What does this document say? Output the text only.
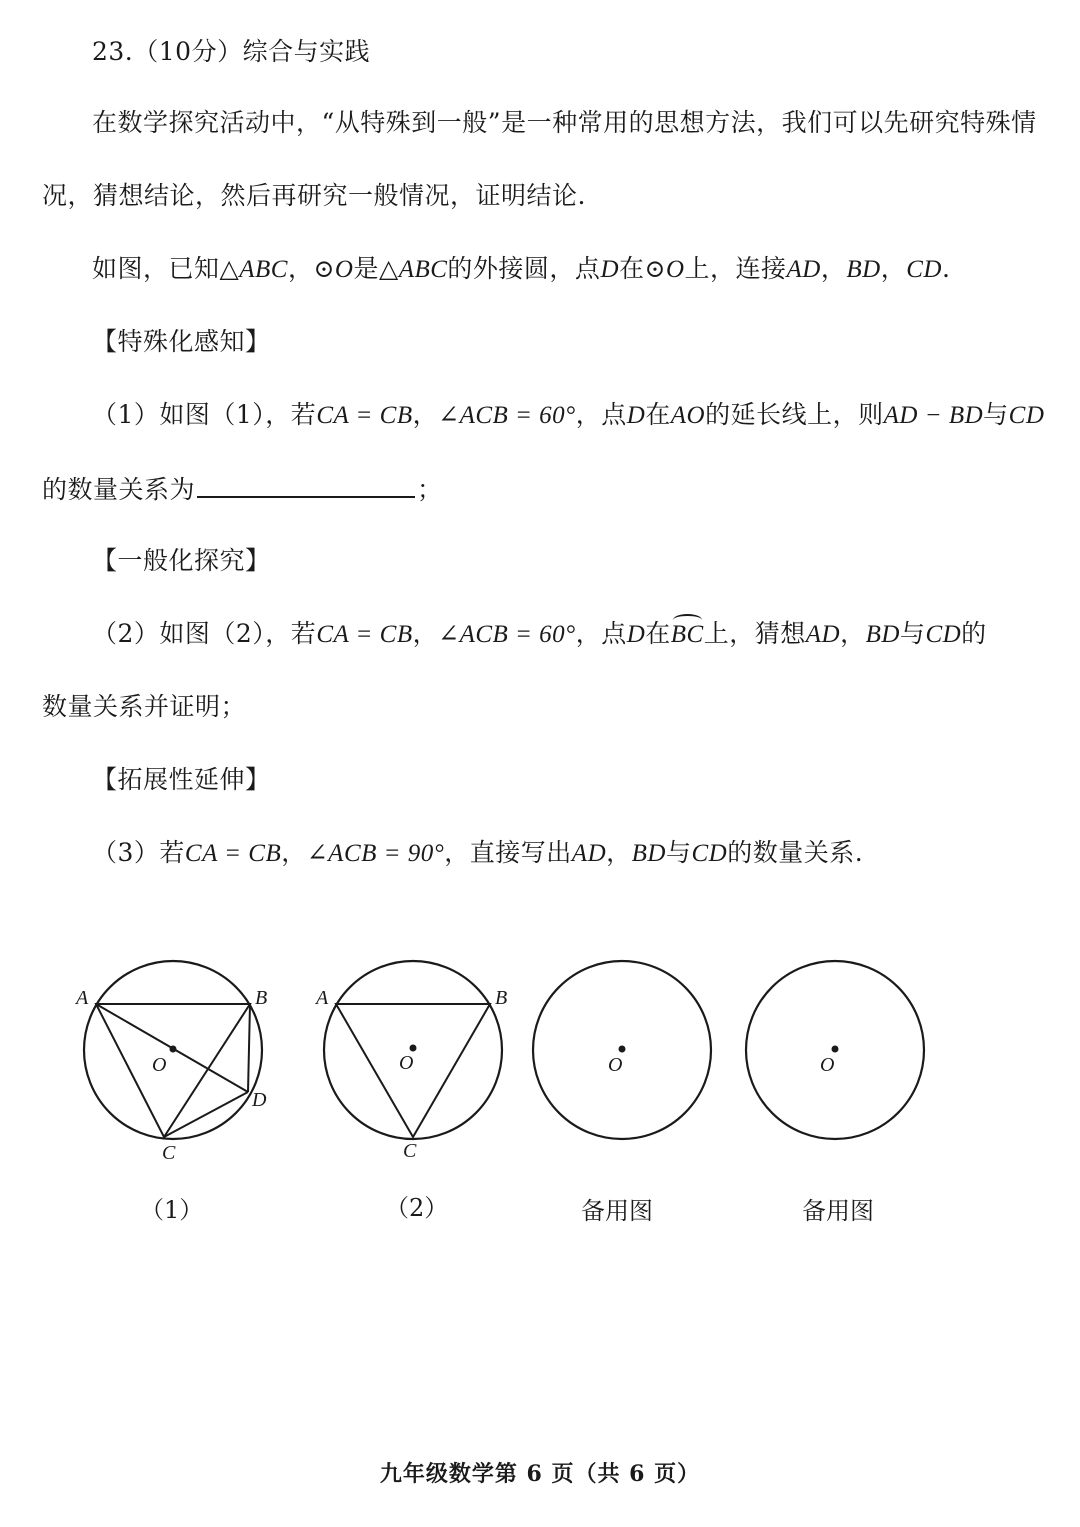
23.（10分）综合与实践
在数学探究活动中，“从特殊到一般”是一种常用的思想方法，我们可以先研究特殊情
况，猜想结论，然后再研究一般情况，证明结论.
如图，已知△ABC，⊙O是△ABC的外接圆，点D在⊙O上，连接AD，BD，CD.
【特殊化感知】
（1）如图（1），若CA = CB，∠ACB = 60°，点D在AO的延长线上，则AD − BD与CD
的数量关系为	；
【一般化探究】
（2）如图（2），若CA = CB，∠ACB = 60°，点D在BC上，猜想AD，BD与CD的
数量关系并证明；
【拓展性延伸】
（3）若CA = CB，∠ACB = 90°，直接写出AD，BD与CD的数量关系.
A	B
C
D
O
A	B
C
O	O	O
（1）	（2）	备用图	备用图
九年级数学第 6 页（共 6 页）
